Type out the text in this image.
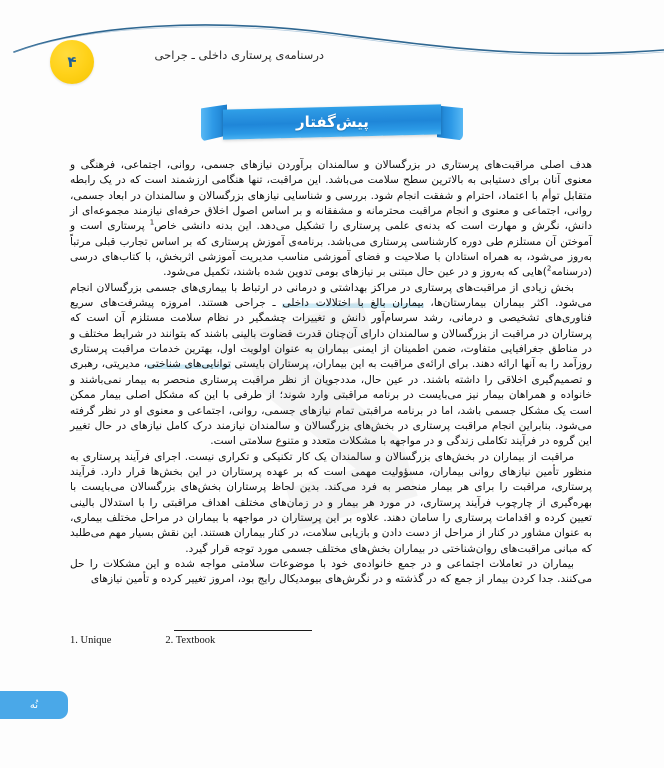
۴	درسنامه‌ی پرستاری داخلی ـ جراحی
پیش‌گفتار

هدف اصلی مراقبت‌های پرستاری در بزرگسالان و سالمندان برآوردن نیازهای جسمی، روانی، اجتماعی، فرهنگی و معنوی آنان برای دستیابی به بالاترین سطح سلامت می‌باشد. این مراقبت، تنها هنگامی ارزشمند است که در یک رابطه متقابل توأم با اعتماد، احترام و شفقت انجام شود. بررسی و شناسایی نیازهای بزرگسالان و سالمندان در ابعاد جسمی، روانی، اجتماعی و معنوی و انجام مراقبت محترمانه و مشفقانه و بر اساس اصول اخلاق حرفه‌ای نیازمند مجموعه‌ای از دانش، نگرش و مهارت است که بدنه‌ی علمی پرستاری را تشکیل می‌دهد. این بدنه دانشی خاص$^1$ پرستاری است و آموختن آن مستلزم طی دوره کارشناسی پرستاری می‌باشد. برنامه‌ی آموزش پرستاری که بر اساس تجارب قبلی مرتباً به‌روز می‌شود، به همراه استادان با صلاحیت و فضای آموزشی مناسب مدیریت آموزشی اثربخش، با کتاب‌های درسی (درسنامه$^2$)هایی که به‌روز و در عین حال مبتنی بر نیازهای بومی تدوین شده باشند، تکمیل می‌شود.

بخش زیادی از مراقبت‌های پرستاری در مراکز بهداشتی و درمانی در ارتباط با بیماری‌های جسمی بزرگسالان انجام می‌شود. اکثر بیماران بیمارستان‌ها، بیماران بالغ با اختلالات داخلی ـ جراحی هستند. امروزه پیشرفت‌های سریع فناوری‌های تشخیصی و درمانی، رشد سرسام‌آور دانش و تغییرات چشمگیر در نظام سلامت مستلزم آن است که پرستاران در مراقبت از بزرگسالان و سالمندان دارای آن‌چنان قدرت قضاوت بالینی باشند که بتوانند در شرایط مختلف و در مناطق جغرافیایی متفاوت، ضمن اطمینان از ایمنی بیماران به عنوان اولویت اول، بهترین خدمات مراقبت پرستاری روزآمد را به آنها ارائه دهند. برای ارائه‌ی مراقبت به این بیماران، پرستاران بایستی توانایی‌های شناختی، مدیریتی، رهبری و تصمیم‌گیری اخلاقی را داشته باشند. در عین حال، مددجویان از نظر مراقبت پرستاری منحصر به بیمار نمی‌باشند و خانواده و همراهان بیمار نیز می‌بایست در برنامه مراقبتی وارد شوند؛ از طرفی با این که مشکل اصلی بیمار ممکن است یک مشکل جسمی باشد، اما در برنامه مراقبتی تمام نیازهای جسمی، روانی، اجتماعی و معنوی او در نظر گرفته می‌شود. بنابراین انجام مراقبت پرستاری در بخش‌های بزرگسالان و سالمندان نیازمند درک کامل نیازهای در حال تغییر این گروه در فرآیند تکاملی زندگی و در مواجهه با مشکلات متعدد و متنوع سلامتی است.

مراقبت از بیماران در بخش‌های بزرگسالان و سالمندان یک کار تکنیکی و تکراری نیست. اجرای فرآیند پرستاری به منظور تأمین نیازهای روانی بیماران، مسؤولیت مهمی است که بر عهده پرستاران در این بخش‌ها قرار دارد. فرآیند پرستاری، مراقبت را برای هر بیمار منحصر به فرد می‌کند. بدین لحاظ پرستاران بخش‌های بزرگسالان می‌بایست با بهره‌گیری از چارچوب فرآیند پرستاری، در مورد هر بیمار و در زمان‌های مختلف اهداف مراقبتی را با استدلال بالینی تعیین کرده و اقدامات پرستاری را سامان دهند. علاوه بر این پرستاران در مواجهه با بیماران در مراحل مختلف بیماری، به عنوان مشاور در کنار از مراحل از دست دادن و بازیابی سلامت، در کنار بیماران هستند. این نقش بسیار مهم می‌طلبد که مبانی مراقبت‌های روان‌شناختی در بیماران بخش‌های مختلف جسمی مورد توجه قرار گیرد.

بیماران در تعاملات اجتماعی و در جمع خانواده‌ی خود با موضوعات سلامتی مواجه شده و این مشکلات را حل می‌کنند. جدا کردن بیمار از جمع که در گذشته و در نگرش‌های بیومدیکال رایج بود، امروز تغییر کرده و تأمین نیازهای

1. Unique	2. Textbook
نُه
